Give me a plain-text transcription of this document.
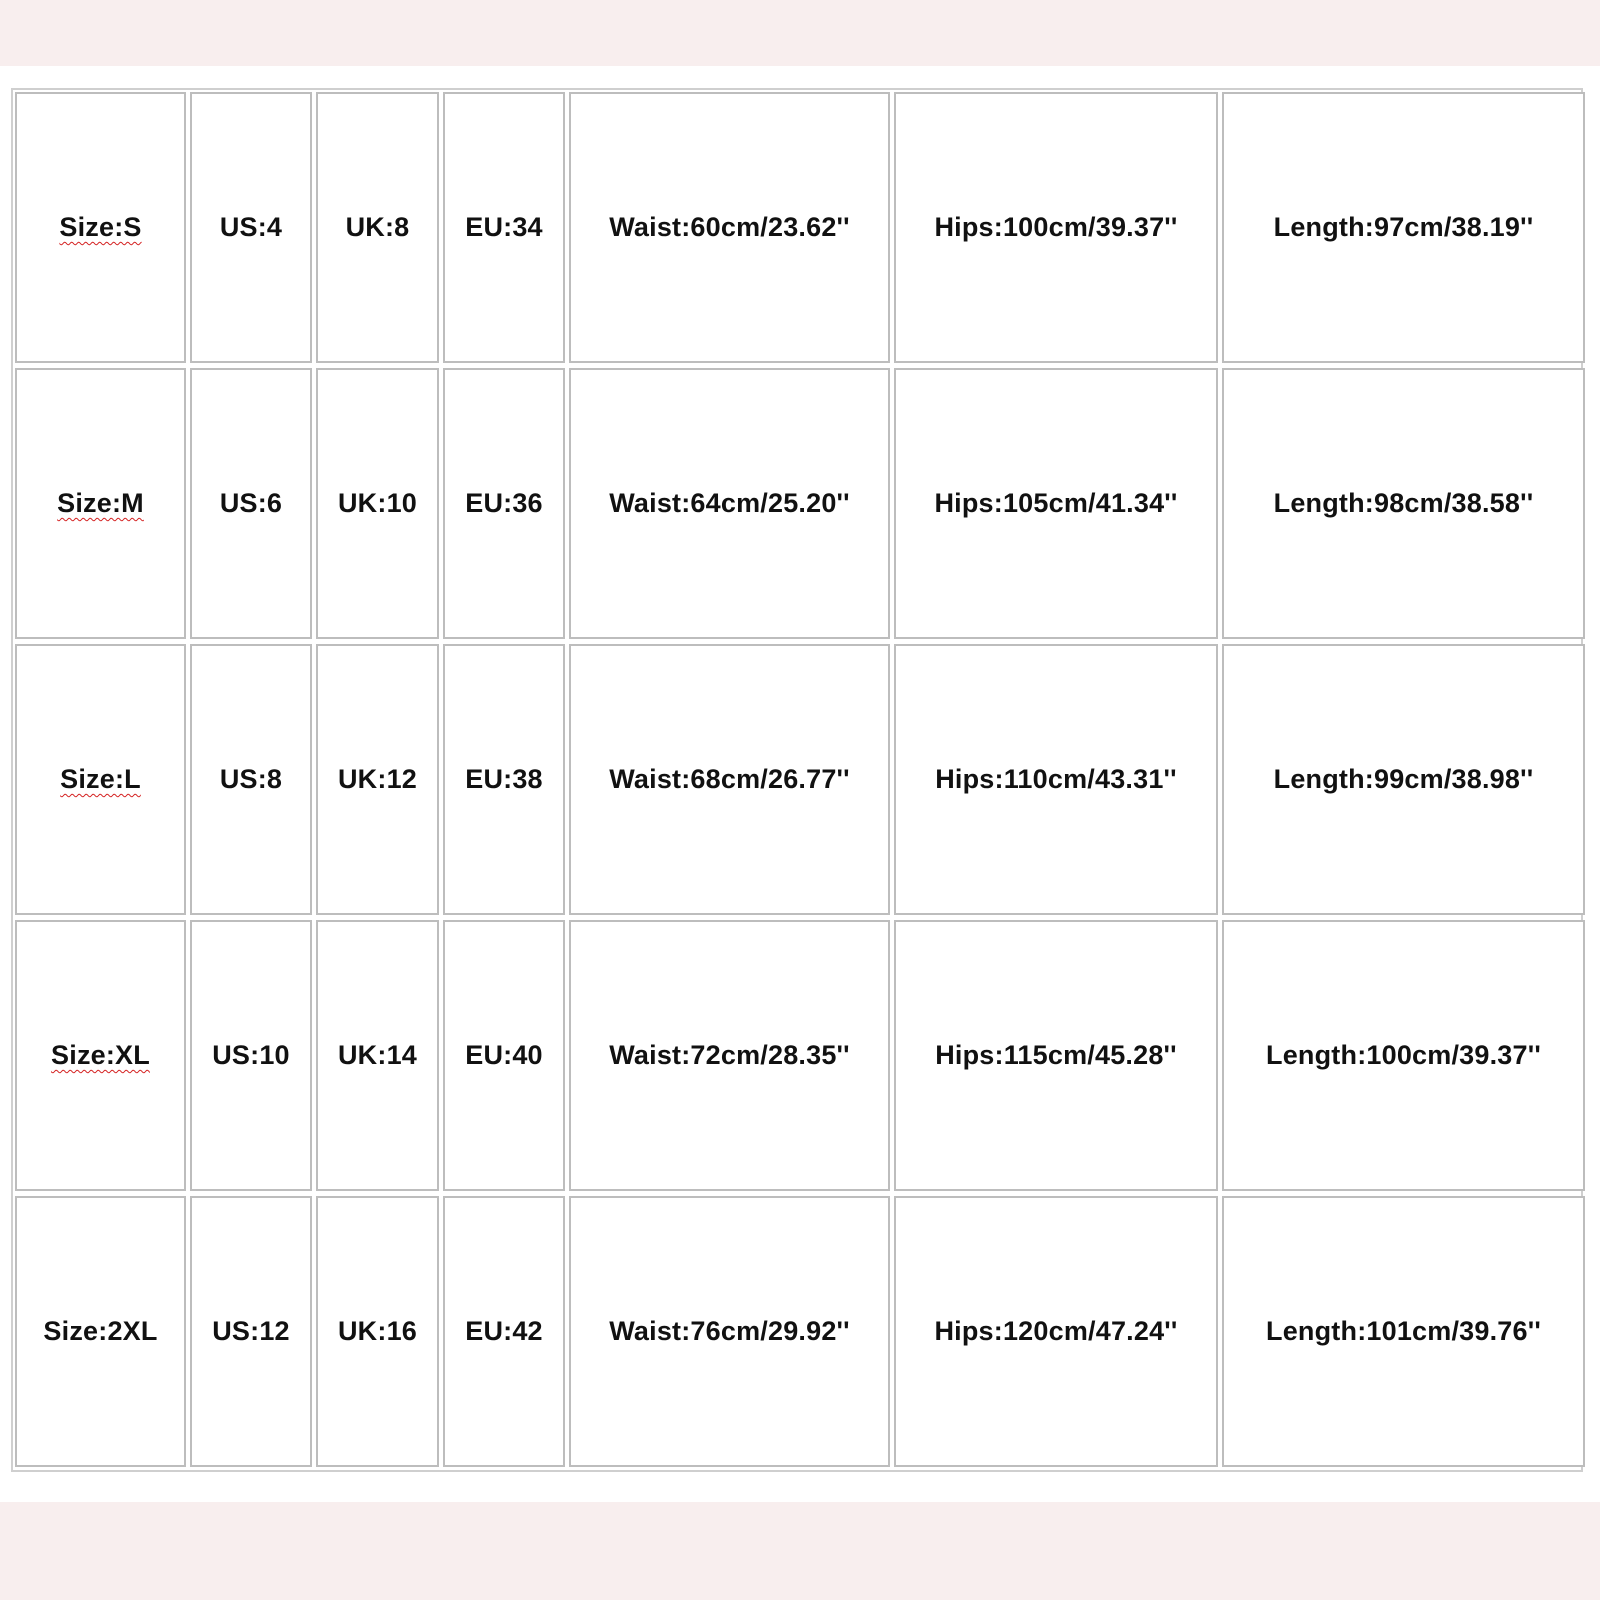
Size:S	US:4	UK:8	EU:34	Waist:60cm/23.62''	Hips:100cm/39.37''	Length:97cm/38.19''
Size:M	US:6	UK:10	EU:36	Waist:64cm/25.20''	Hips:105cm/41.34''	Length:98cm/38.58''
Size:L	US:8	UK:12	EU:38	Waist:68cm/26.77''	Hips:110cm/43.31''	Length:99cm/38.98''
Size:XL	US:10	UK:14	EU:40	Waist:72cm/28.35''	Hips:115cm/45.28''	Length:100cm/39.37''
Size:2XL	US:12	UK:16	EU:42	Waist:76cm/29.92''	Hips:120cm/47.24''	Length:101cm/39.76''
